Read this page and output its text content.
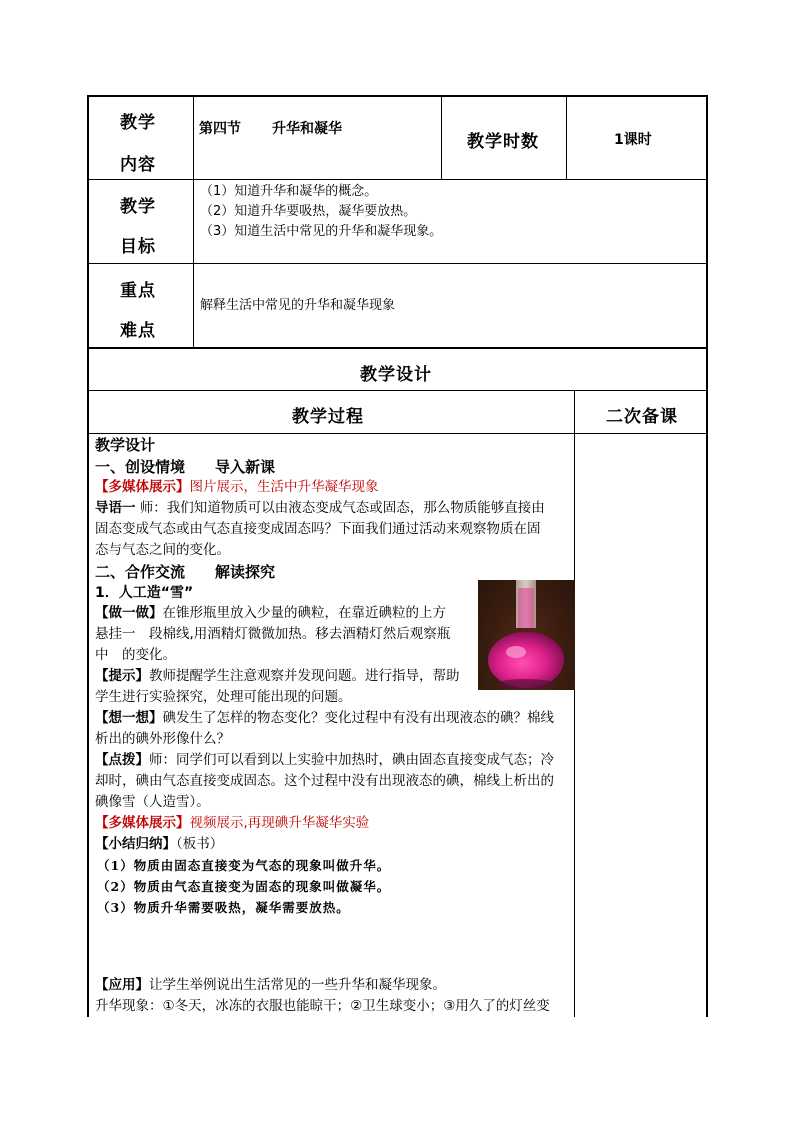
教学
内容
第四节 升华和凝华
教学时数	1课时
教学
目标
（1）知道升华和凝华的概念。
（2）知道升华要吸热，凝华要放热。
（3）知道生活中常见的升华和凝华现象。
重点
难点
解释生活中常见的升华和凝华现象
教学设计
教学过程	二次备课
教学设计
一、创设情境 导入新课
【多媒体展示】图片展示，生活中升华凝华现象
导语一 师：我们知道物质可以由液态变成气态或固态，那么物质能够直接由
固态变成气态或由气态直接变成固态吗？下面我们通过活动来观察物质在固
态与气态之间的变化。
二、合作交流 解读探究
1．人工造“雪”
【做一做】在锥形瓶里放入少量的碘粒，在靠近碘粒的上方
悬挂一　段棉线,用酒精灯微微加热。移去酒精灯然后观察瓶
中　的变化。
【提示】教师提醒学生注意观察并发现问题。进行指导，帮助
学生进行实验探究，处理可能出现的问题。
【想一想】碘发生了怎样的物态变化？变化过程中有没有出现液态的碘？棉线
析出的碘外形像什么？
【点拨】师：同学们可以看到以上实验中加热时，碘由固态直接变成气态；冷
却时，碘由气态直接变成固态。这个过程中没有出现液态的碘，棉线上析出的
碘像雪（人造雪）。
【多媒体展示】视频展示,再现碘升华凝华实验
【小结归纳】（板书）
（1）物质由固态直接变为气态的现象叫做升华。
（2）物质由气态直接变为固态的现象叫做凝华。
（3）物质升华需要吸热，凝华需要放热。
【应用】让学生举例说出生活常见的一些升华和凝华现象。
升华现象：①冬天，冰冻的衣服也能晾干；②卫生球变小；③用久了的灯丝变
